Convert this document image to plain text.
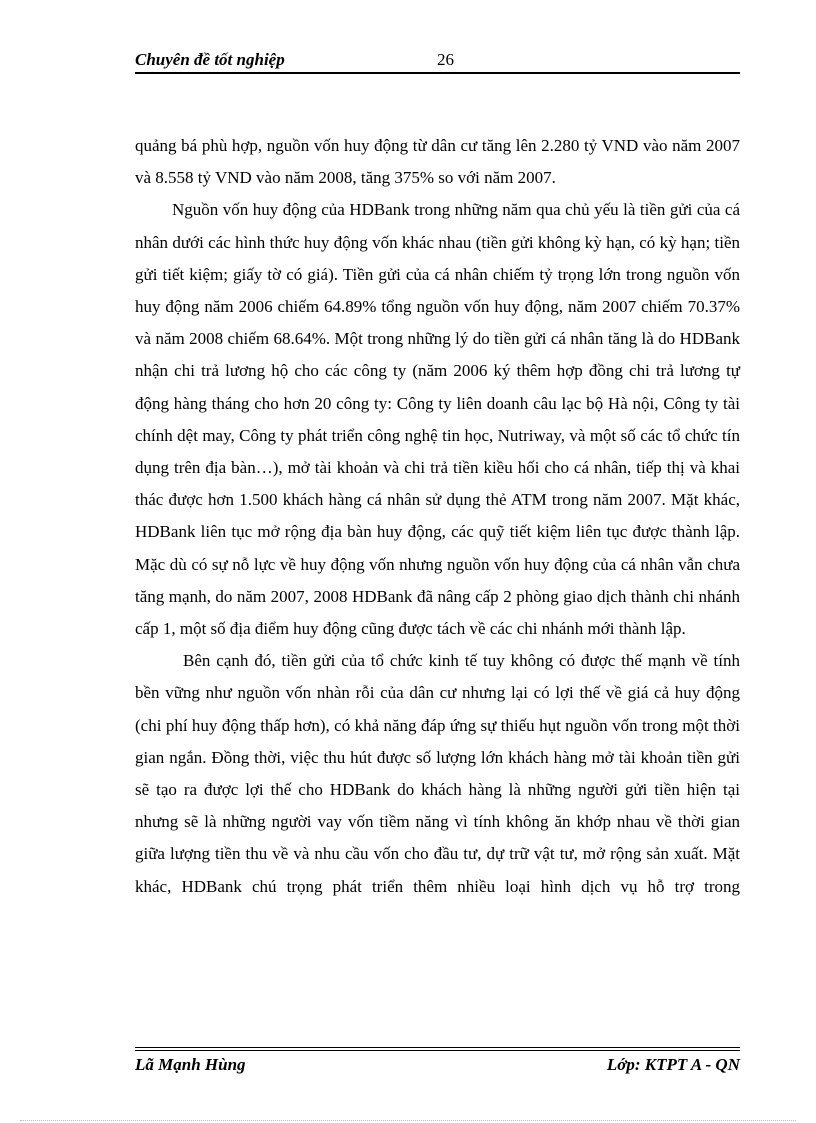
Chuyên đề tốt nghiệp	26

quảng bá phù hợp, nguồn vốn huy động từ dân cư tăng lên 2.280 tỷ VND vào năm 2007 và 8.558 tỷ VND vào năm 2008, tăng 375% so với năm 2007.

Nguồn vốn huy động của HDBank trong những năm qua chủ yếu là tiền gửi của cá nhân dưới các hình thức huy động vốn khác nhau (tiền gửi không kỳ hạn, có kỳ hạn; tiền gửi tiết kiệm; giấy tờ có giá). Tiền gửi của cá nhân chiếm tỷ trọng lớn trong nguồn vốn huy động năm 2006 chiếm 64.89% tổng nguồn vốn huy động, năm 2007 chiếm 70.37% và năm 2008 chiếm 68.64%. Một trong những lý do tiền gửi cá nhân tăng là do HDBank nhận chi trả lương hộ cho các công ty (năm 2006 ký thêm hợp đồng chi trả lương tự động hàng tháng cho hơn 20 công ty: Công ty liên doanh câu lạc bộ Hà nội, Công ty tài chính dệt may, Công ty phát triển công nghệ tin học, Nutriway, và một số các tổ chức tín dụng trên địa bàn…), mở tài khoản và chi trả tiền kiều hối cho cá nhân, tiếp thị và khai thác được hơn 1.500 khách hàng cá nhân sử dụng thẻ ATM trong năm 2007. Mặt khác, HDBank liên tục mở rộng địa bàn huy động, các quỹ tiết kiệm liên tục được thành lập. Mặc dù có sự nỗ lực về huy động vốn nhưng nguồn vốn huy động của cá nhân vẫn chưa tăng mạnh, do năm 2007, 2008 HDBank đã nâng cấp 2 phòng giao dịch thành chi nhánh cấp 1, một số địa điểm huy động cũng được tách về các chi nhánh mới thành lập.

Bên cạnh đó, tiền gửi của tổ chức kinh tế tuy không có được thế mạnh về tính bền vững như nguồn vốn nhàn rỗi của dân cư nhưng lại có lợi thế về giá cả huy động (chi phí huy động thấp hơn), có khả năng đáp ứng sự thiếu hụt nguồn vốn trong một thời gian ngắn. Đồng thời, việc thu hút được số lượng lớn khách hàng mở tài khoản tiền gửi sẽ tạo ra được lợi thế cho HDBank do khách hàng là những người gửi tiền hiện tại nhưng sẽ là những người vay vốn tiềm năng vì tính không ăn khớp nhau về thời gian giữa lượng tiền thu về và nhu cầu vốn cho đầu tư, dự trữ vật tư, mở rộng sản xuất. Mặt khác, HDBank chú trọng phát triển thêm nhiều loại hình dịch vụ hỗ trợ trong

Lã Mạnh Hùng	Lớp: KTPT A - QN
